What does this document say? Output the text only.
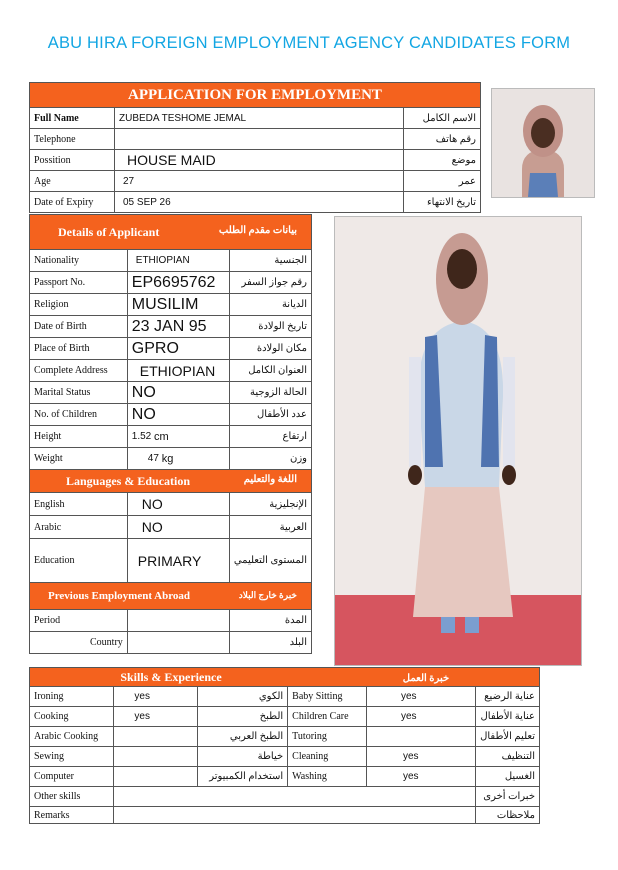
ABU HIRA FOREIGN EMPLOYMENT AGENCY CANDIDATES FORM
APPLICATION FOR EMPLOYMENT		
Full Name	ZUBEDA TESHOME JEMAL	الاسم الكامل
Telephone		رقم هاتف
Possition	HOUSE MAID	موضع
Age	27	عمر
Date of Expiry	05 SEP 26	تاريخ الانتهاء
Details of Applicant بيانات مقدم الطلب		

Nationality	ETHIOPIAN	الجنسية
Passport No.	EP6695762	رقم جواز السفر
Religion	MUSILIM	الديانة
Date of Birth	23 JAN 95	تاريخ الولادة
Place of Birth	GPRO	مكان الولادة
Complete Address	ETHIOPIAN	العنوان الكامل
Marital Status	NO	الحالة الزوجية
No. of Children	NO	عدد الأطفال
Height	1.52 cm	ارتفاع
Weight	47 kg	وزن

Languages & Education اللغة والتعليم		

English	NO	الإنجليزية
Arabic	NO	العربية
Education	PRIMARY	المستوى التعليمي

Previous Employment Abroad خبرة خارج البلاد		

Period		المدة
Country		البلد
Skills & Experience خبرة العمل					
Ironing	yes	الكوي	Baby Sitting	yes	عناية الرضيع
Cooking	yes	الطبخ	Children Care	yes	عناية الأطفال
Arabic Cooking		الطبخ العربي	Tutoring		تعليم الأطفال
Sewing		خياطة	Cleaning	yes	التنظيف
Computer		استخدام الكمبيوتر	Washing	yes	الغسيل
Other skills					خبرات أخرى
Remarks					ملاحظات
